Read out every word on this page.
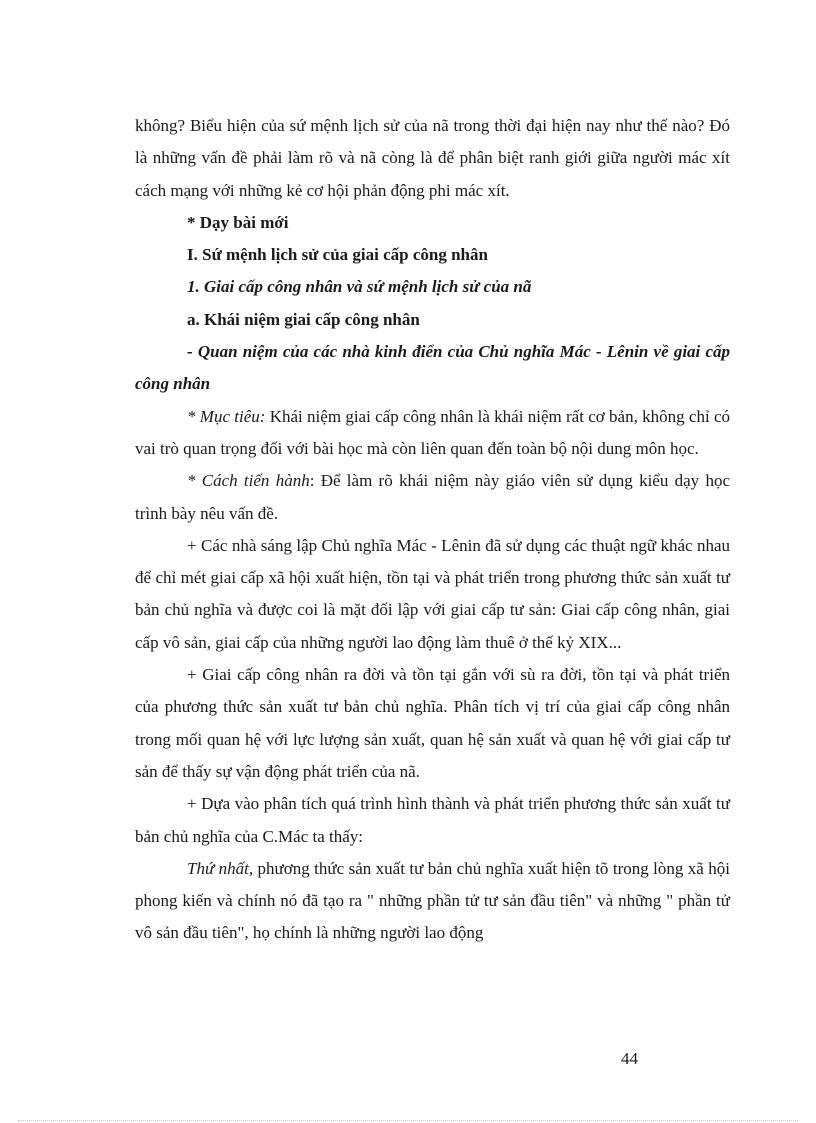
không? Biểu hiện của sứ mệnh lịch sử của nã trong thời đại hiện nay như thế nào? Đó là những vấn đề phải làm rõ và nã còng là để phân biệt ranh giới giữa người mác xít cách mạng với những kẻ cơ hội phản động phi mác xít.

* Dạy bài mới

I. Sứ mệnh lịch sử của giai cấp công nhân

1. Giai cấp công nhân và sứ mệnh lịch sử của nã

a. Khái niệm giai cấp công nhân

- Quan niệm của các nhà kinh điển của Chủ nghĩa Mác - Lênin về giai cấp công nhân

* Mục tiêu: Khái niệm giai cấp công nhân là khái niệm rất cơ bản, không chỉ có vai trò quan trọng đối với bài học mà còn liên quan đến toàn bộ nội dung môn học.

* Cách tiến hành: Để làm rõ khái niệm này giáo viên sử dụng kiểu dạy học trình bày nêu vấn đề.

+ Các nhà sáng lập Chủ nghĩa Mác - Lênin đã sử dụng các thuật ngữ khác nhau để chỉ mét giai cấp xã hội xuất hiện, tồn tại và phát triển trong phương thức sản xuất tư bản chủ nghĩa và được coi là mặt đối lập với giai cấp tư sản: Giai cấp công nhân, giai cấp vô sản, giai cấp của những người lao động làm thuê ở thế kỷ XIX...

+ Giai cấp công nhân ra đời và tồn tại gắn với sù ra đời, tồn tại và phát triển của phương thức sản xuất tư bản chủ nghĩa. Phân tích vị trí của giai cấp công nhân trong mối quan hệ với lực lượng sản xuất, quan hệ sản xuất và quan hệ với giai cấp tư sản để thấy sự vận động phát triển của nã.

+ Dựa vào phân tích quá trình hình thành và phát triển phương thức sản xuất tư bản chủ nghĩa của C.Mác ta thấy:

Thứ nhất, phương thức sản xuất tư bản chủ nghĩa xuất hiện tõ trong lòng xã hội phong kiến và chính nó đã tạo ra " những phần tử tư sản đầu tiên" và những " phần tử vô sản đầu tiên", họ chính là những người lao động

44
